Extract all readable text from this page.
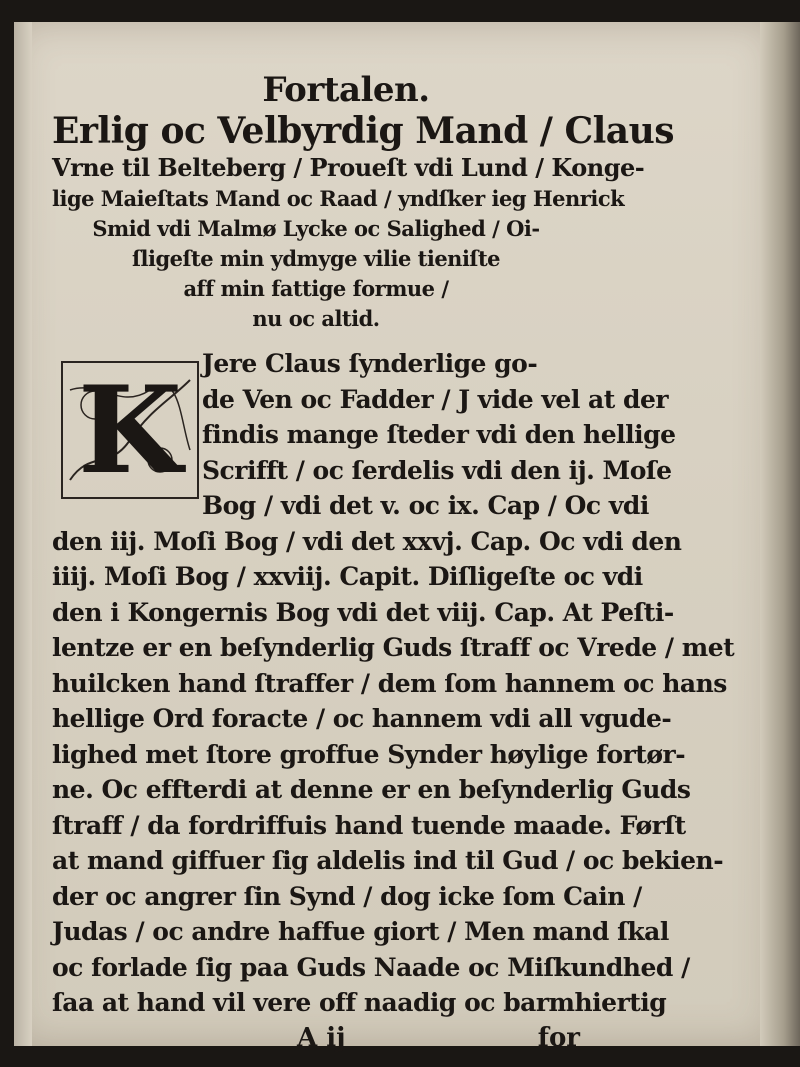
Fortalen.
Erlig oc Velbyrdig Mand / Claus
Vrne til Belteberg / Proueſt vdi Lund / Konge-
lige Maieſtats Mand oc Raad / yndſker ieg Henrick
Smid vdi Malmø Lycke oc Salighed / Oi-
ſligeſte min ydmyge vilie tieniſte
aff min fattige formue /
nu oc altid.
K Jere Claus ſynderlige go-
de Ven oc Fadder / J vide vel at der
findis mange ſteder vdi den hellige
Scrifft / oc ſerdelis vdi den ij. Moſe
Bog / vdi det v. oc ix. Cap / Oc vdi
den iij. Moſi Bog / vdi det xxvj. Cap. Oc vdi den
iiij. Moſi Bog / xxviij. Capit. Diſligeſte oc vdi
den i Kongernis Bog vdi det viij. Cap. At Peſti-
lentze er en beſynderlig Guds ſtraff oc Vrede / met
huilcken hand ſtraffer / dem ſom hannem oc hans
hellige Ord foracte / oc hannem vdi all vgude-
lighed met ſtore groffue Synder høylige fortør-
ne. Oc effterdi at denne er en beſynderlig Guds
ſtraff / da fordriffuis hand tuende maade. Førſt
at mand giffuer ſig aldelis ind til Gud / oc bekien-
der oc angrer ſin Synd / dog icke ſom Cain /
Judas / oc andre haffue giort / Men mand ſkal
oc forlade ſig paa Guds Naade oc Miſkundhed /
ſaa at hand vil vere off naadig oc barmhiertig
A ij	for
